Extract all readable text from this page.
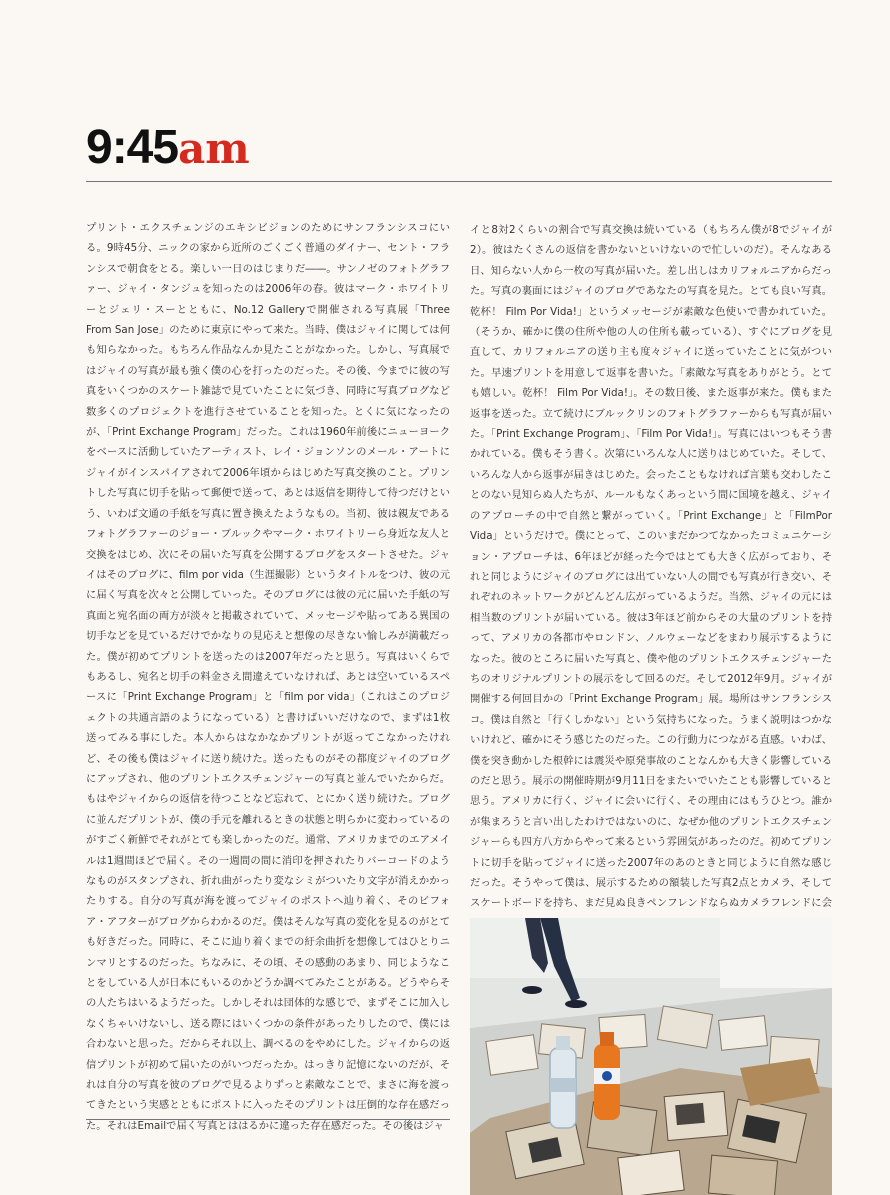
9:45am

プリント・エクスチェンジのエキシビジョンのためにサンフランシスコにいる。9時45分、ニックの家から近所のごくごく普通のダイナー、セント・フランシスで朝食をとる。楽しい一日のはじまりだ――。サンノゼのフォトグラファー、ジャイ・タンジュを知ったのは2006年の春。彼はマーク・ホワイトリーとジェリ・スーとともに、No.12 Galleryで開催される写真展「Three From San Jose」のために東京にやって来た。当時、僕はジャイに関しては何も知らなかった。もちろん作品なんか見たことがなかった。しかし、写真展ではジャイの写真が最も強く僕の心を打ったのだった。その後、今までに彼の写真をいくつかのスケート雑誌で見ていたことに気づき、同時に写真ブログなど数多くのプロジェクトを進行させていることを知った。とくに気になったのが、「Print Exchange Program」だった。これは1960年前後にニューヨークをベースに活動していたアーティスト、レイ・ジョンソンのメール・アートにジャイがインスパイアされて2006年頃からはじめた写真交換のこと。プリントした写真に切手を貼って郵便で送って、あとは返信を期待して待つだけという、いわば文通の手紙を写真に置き換えたようなもの。当初、彼は親友であるフォトグラファーのジョー・ブルックやマーク・ホワイトリーら身近な友人と交換をはじめ、次にその届いた写真を公開するブログをスタートさせた。ジャイはそのブログに、film por vida（生涯撮影）というタイトルをつけ、彼の元に届く写真を次々と公開していった。そのブログには彼の元に届いた手紙の写真面と宛名面の両方が淡々と掲載されていて、メッセージや貼ってある異国の切手などを見ているだけでかなりの見応えと想像の尽きない愉しみが満載だった。僕が初めてプリントを送ったのは2007年だったと思う。写真はいくらでもあるし、宛名と切手の料金さえ間違えていなければ、あとは空いているスペースに「Print Exchange Program」と「film por vida」（これはこのプロジェクトの共通言語のようになっている）と書けばいいだけなので、まずは1枚送ってみる事にした。本人からはなかなかプリントが返ってこなかったけれど、その後も僕はジャイに送り続けた。送ったものがその都度ジャイのブログにアップされ、他のプリントエクスチェンジャーの写真と並んでいたからだ。もはやジャイからの返信を待つことなど忘れて、とにかく送り続けた。ブログに並んだプリントが、僕の手元を離れるときの状態と明らかに変わっているのがすごく新鮮でそれがとても楽しかったのだ。通常、アメリカまでのエアメイルは1週間ほどで届く。その一週間の間に消印を押されたりバーコードのようなものがスタンプされ、折れ曲がったり変なシミがついたり文字が消えかかったりする。自分の写真が海を渡ってジャイのポストへ辿り着く、そのビフォア・アフターがブログからわかるのだ。僕はそんな写真の変化を見るのがとても好きだった。同時に、そこに辿り着くまでの紆余曲折を想像してはひとりニンマリとするのだった。ちなみに、その頃、その感動のあまり、同じようなことをしている人が日本にもいるのかどうか調べてみたことがある。どうやらその人たちはいるようだった。しかしそれは団体的な感じで、まずそこに加入しなくちゃいけないし、送る際にはいくつかの条件があったりしたので、僕には合わないと思った。だからそれ以上、調べるのをやめにした。ジャイからの返信プリントが初めて届いたのがいつだったか。はっきり記憶にないのだが、それは自分の写真を彼のブログで見るよりずっと素敵なことで、まさに海を渡ってきたという実感とともにポストに入ったそのプリントは圧倒的な存在感だった。それはEmailで届く写真とははるかに違った存在感だった。その後はジャ

イと8対2くらいの割合で写真交換は続いている（もちろん僕が8でジャイが2）。彼はたくさんの返信を書かないといけないので忙しいのだ）。そんなある日、知らない人から一枚の写真が届いた。差し出しはカリフォルニアからだった。写真の裏面にはジャイのブログであなたの写真を見た。とても良い写真。乾杯！ Film Por Vida!」というメッセージが素敵な色使いで書かれていた。（そうか、確かに僕の住所や他の人の住所も載っている）、すぐにブログを見直して、カリフォルニアの送り主も度々ジャイに送っていたことに気がついた。早速プリントを用意して返事を書いた。「素敵な写真をありがとう。とても嬉しい。乾杯！ Film Por Vida!」。その数日後、また返事が来た。僕もまた返事を送った。立て続けにブルックリンのフォトグラファーからも写真が届いた。「Print Exchange Program」、「Film Por Vida!」。写真にはいつもそう書かれている。僕もそう書く。次第にいろんな人に送りはじめていた。そして、いろんな人から返事が届きはじめた。会ったこともなければ言葉も交わしたことのない見知らぬ人たちが、ルールもなくあっという間に国境を越え、ジャイのアプローチの中で自然と繋がっていく。「Print Exchange」と「FilmPor Vida」というだけで。僕にとって、このいまだかつてなかったコミュニケーション・アプローチは、6年ほどが経った今ではとても大きく広がっており、それと同じようにジャイのブログには出ていない人の間でも写真が行き交い、それぞれのネットワークがどんどん広がっているようだ。当然、ジャイの元には相当数のプリントが届いている。彼は3年ほど前からその大量のプリントを持って、アメリカの各都市やロンドン、ノルウェーなどをまわり展示するようになった。彼のところに届いた写真と、僕や他のプリントエクスチェンジャーたちのオリジナルプリントの展示をして回るのだ。そして2012年9月。ジャイが開催する何回目かの「Print Exchange Program」展。場所はサンフランシスコ。僕は自然と「行くしかない」という気持ちになった。うまく説明はつかないけれど、確かにそう感じたのだった。この行動力につながる直感。いわば、僕を突き動かした根幹には震災や原発事故のことなんかも大きく影響しているのだと思う。展示の開催時期が9月11日をまたいでいたことも影響していると思う。アメリカに行く、ジャイに会いに行く、その理由にはもうひとつ。誰かが集まろうと言い出したわけではないのに、なぜか他のプリントエクスチェンジャーらも四方八方からやって来るという雰囲気があったのだ。初めてプリントに切手を貼ってジャイに送った2007年のあのときと同じように自然な感じだった。そうやって僕は、展示するための額装した写真2点とカメラ、そしてスケートボードを持ち、まだ見ぬ良きペンフレンドならぬカメラフレンドに会
